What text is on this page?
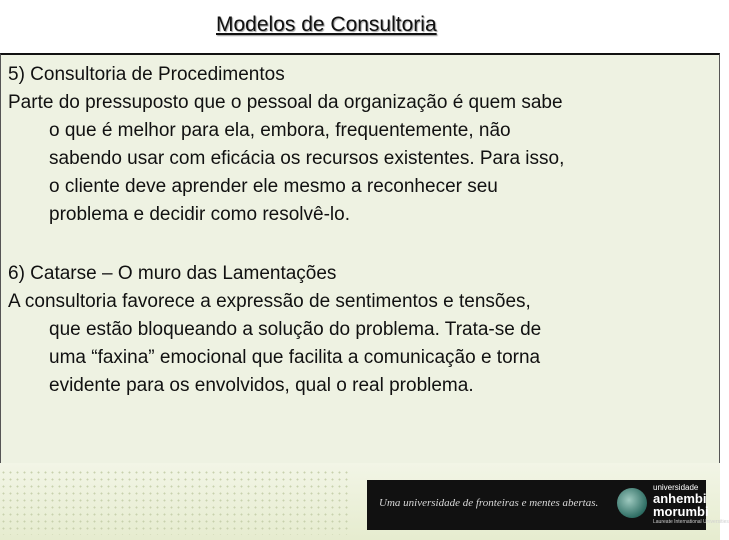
Modelos de Consultoria
5) Consultoria de Procedimentos
Parte do pressuposto que o pessoal da organização é quem sabe
o que é melhor para ela, embora, frequentemente, não
sabendo usar com eficácia os recursos existentes. Para isso,
o cliente deve aprender ele mesmo a reconhecer seu
problema e decidir como resolvê-lo.
6) Catarse – O muro das Lamentações
A consultoria favorece a expressão de sentimentos e tensões,
que estão bloqueando a solução do problema. Trata-se de
uma “faxina” emocional que facilita a comunicação e torna
evidente para os envolvidos, qual o real problema.
Uma universidade de fronteiras e mentes abertas.
universidade
anhembi
morumbi
Laureate International Universities
